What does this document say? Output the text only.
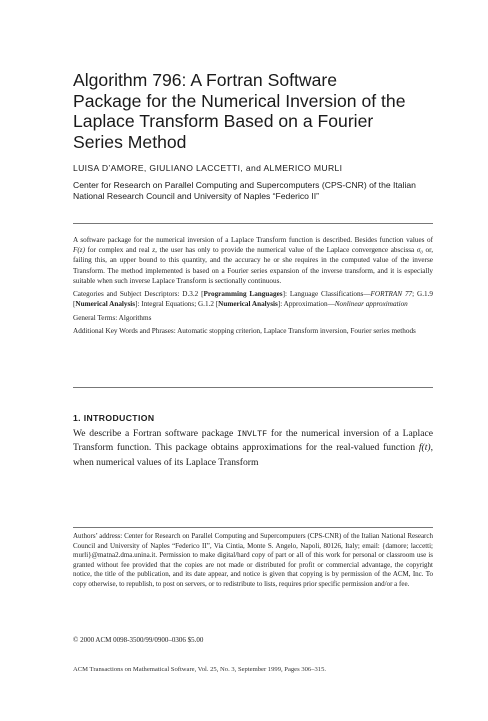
Algorithm 796: A Fortran Software
Package for the Numerical Inversion of the
Laplace Transform Based on a Fourier
Series Method

LUISA D’AMORE, GIULIANO LACCETTI, and ALMERICO MURLI

Center for Research on Parallel Computing and Supercomputers (CPS-CNR) of the Italian National Research Council and University of Naples “Federico II”

A software package for the numerical inversion of a Laplace Transform function is described. Besides function values of F(z) for complex and real z, the user has only to provide the numerical value of the Laplace convergence abscissa σ₀ or, failing this, an upper bound to this quantity, and the accuracy he or she requires in the computed value of the inverse Transform. The method implemented is based on a Fourier series expansion of the inverse transform, and it is especially suitable when such inverse Laplace Transform is sectionally continuous.

Categories and Subject Descriptors: D.3.2 [Programming Languages]: Language Classifications—FORTRAN 77; G.1.9 [Numerical Analysis]: Integral Equations; G.1.2 [Numerical Analysis]: Approximation—Nonlinear approximation

General Terms: Algorithms

Additional Key Words and Phrases: Automatic stopping criterion, Laplace Transform inversion, Fourier series methods

1. INTRODUCTION

We describe a Fortran software package INVLTF for the numerical inversion of a Laplace Transform function. This package obtains approximations for the real-valued function f(t), when numerical values of its Laplace Transform

Authors’ address: Center for Research on Parallel Computing and Supercomputers (CPS-CNR) of the Italian National Research Council and University of Naples “Federico II”, Via Cintia, Monte S. Angelo, Napoli, 80126, Italy; email: {damore; laccetti; murli}@matna2.dma.unina.it. Permission to make digital/hard copy of part or all of this work for personal or classroom use is granted without fee provided that the copies are not made or distributed for profit or commercial advantage, the copyright notice, the title of the publication, and its date appear, and notice is given that copying is by permission of the ACM, Inc. To copy otherwise, to republish, to post on servers, or to redistribute to lists, requires prior specific permission and/or a fee.

© 2000 ACM 0098-3500/99/0900–0306 $5.00

ACM Transactions on Mathematical Software, Vol. 25, No. 3, September 1999, Pages 306–315.
